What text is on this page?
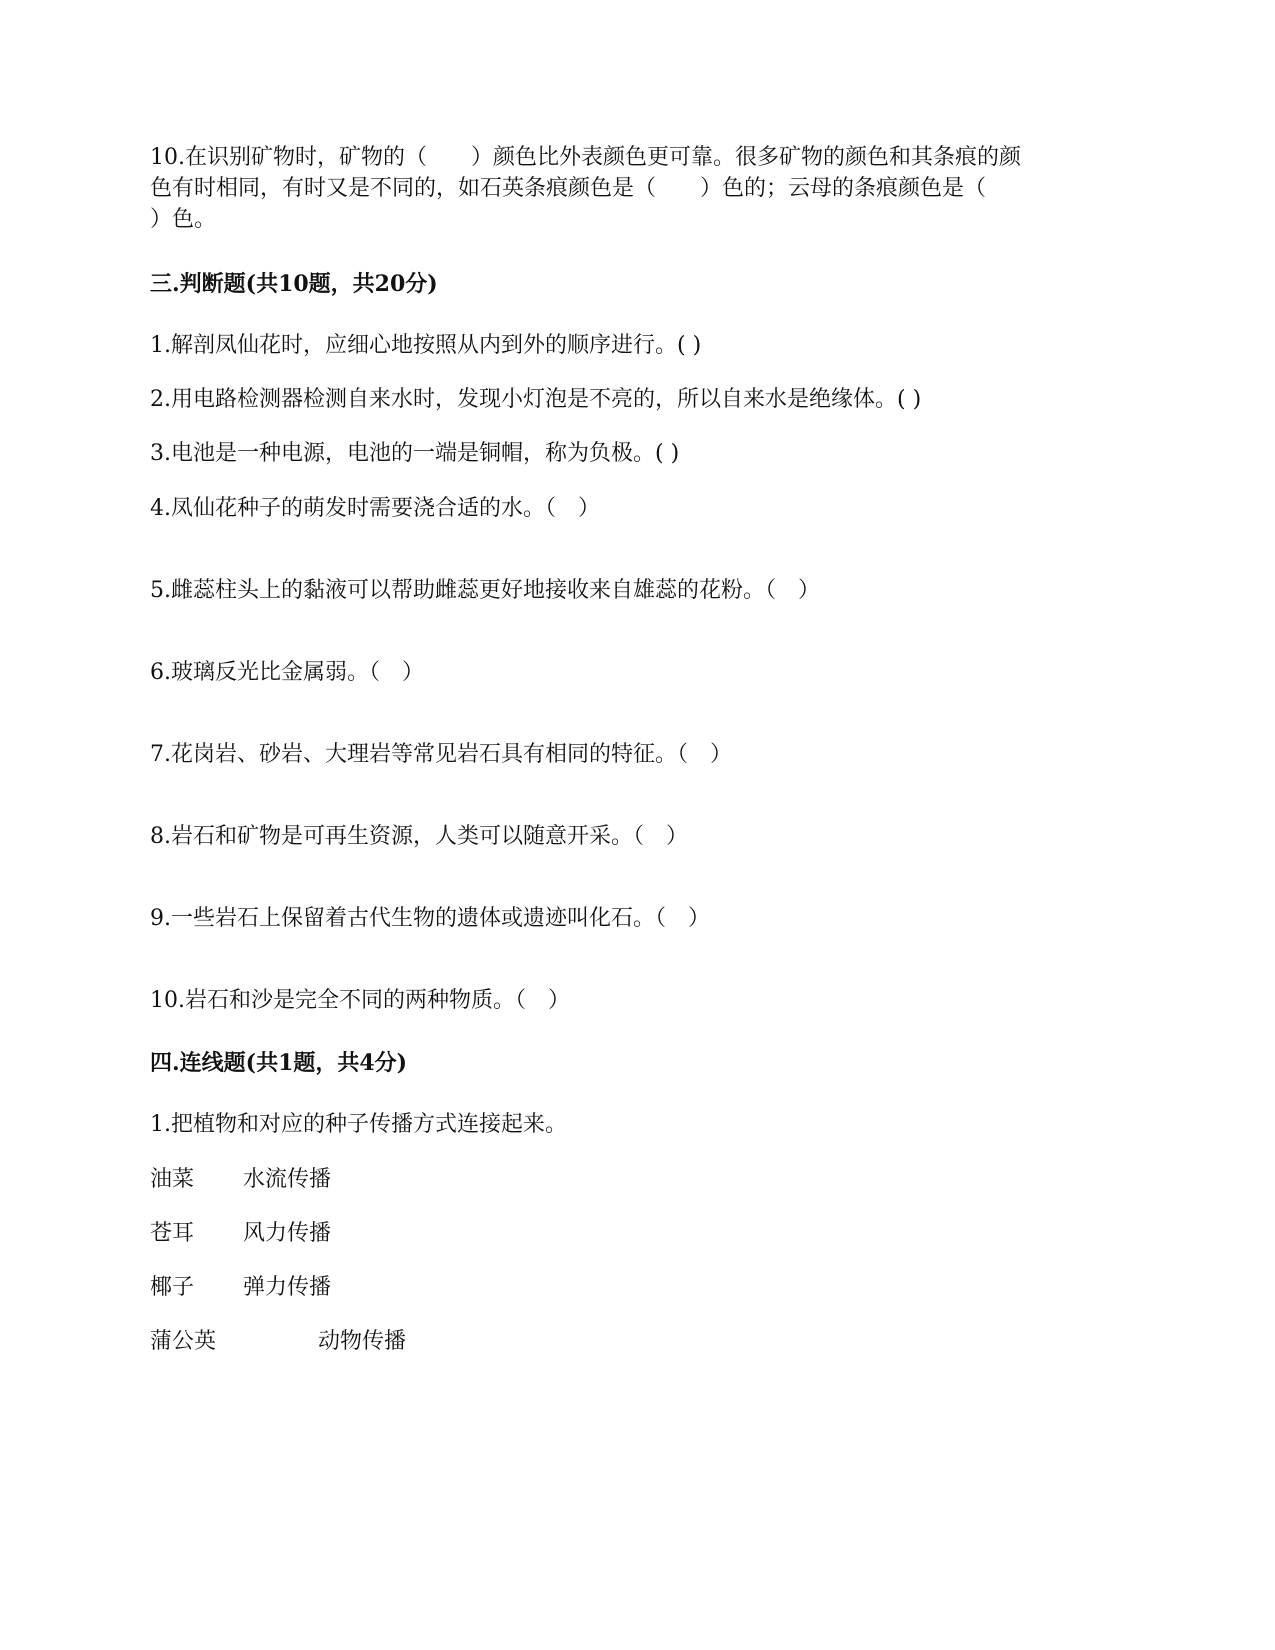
10.在识别矿物时，矿物的（　　）颜色比外表颜色更可靠。很多矿物的颜色和其条痕的颜
色有时相同，有时又是不同的，如石英条痕颜色是（　　）色的；云母的条痕颜色是（
）色。
三.判断题(共10题，共20分)
1.解剖凤仙花时，应细心地按照从内到外的顺序进行。( )
2.用电路检测器检测自来水时，发现小灯泡是不亮的，所以自来水是绝缘体。( )
3.电池是一种电源，电池的一端是铜帽，称为负极。( )
4.凤仙花种子的萌发时需要浇合适的水。（　）
5.雌蕊柱头上的黏液可以帮助雌蕊更好地接收来自雄蕊的花粉。（　）
6.玻璃反光比金属弱。（　）
7.花岗岩、砂岩、大理岩等常见岩石具有相同的特征。（　）
8.岩石和矿物是可再生资源，人类可以随意开采。（　）
9.一些岩石上保留着古代生物的遗体或遗迹叫化石。（　）
10.岩石和沙是完全不同的两种物质。（　）
四.连线题(共1题，共4分)
1.把植物和对应的种子传播方式连接起来。
油菜 水流传播
苍耳 风力传播
椰子 弹力传播
蒲公英	动物传播
